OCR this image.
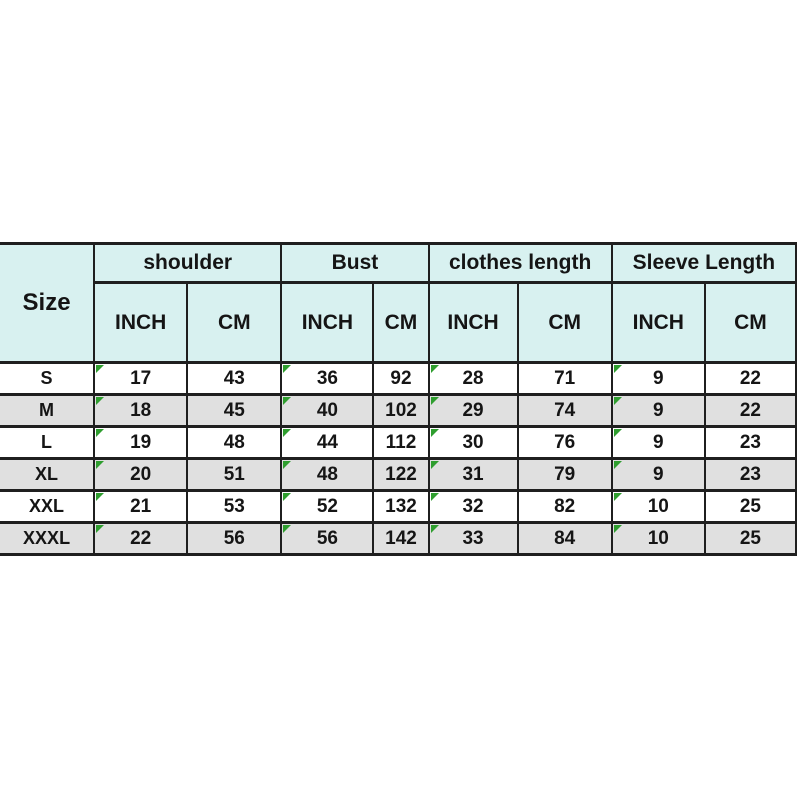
Size	shoulder		Bust		clothes length		Sleeve Length	
	INCH	CM	INCH	CM	INCH	CM	INCH	CM
S	17	43	36	92	28	71	9	22
M	18	45	40	102	29	74	9	22
L	19	48	44	112	30	76	9	23
XL	20	51	48	122	31	79	9	23
XXL	21	53	52	132	32	82	10	25
XXXL	22	56	56	142	33	84	10	25
